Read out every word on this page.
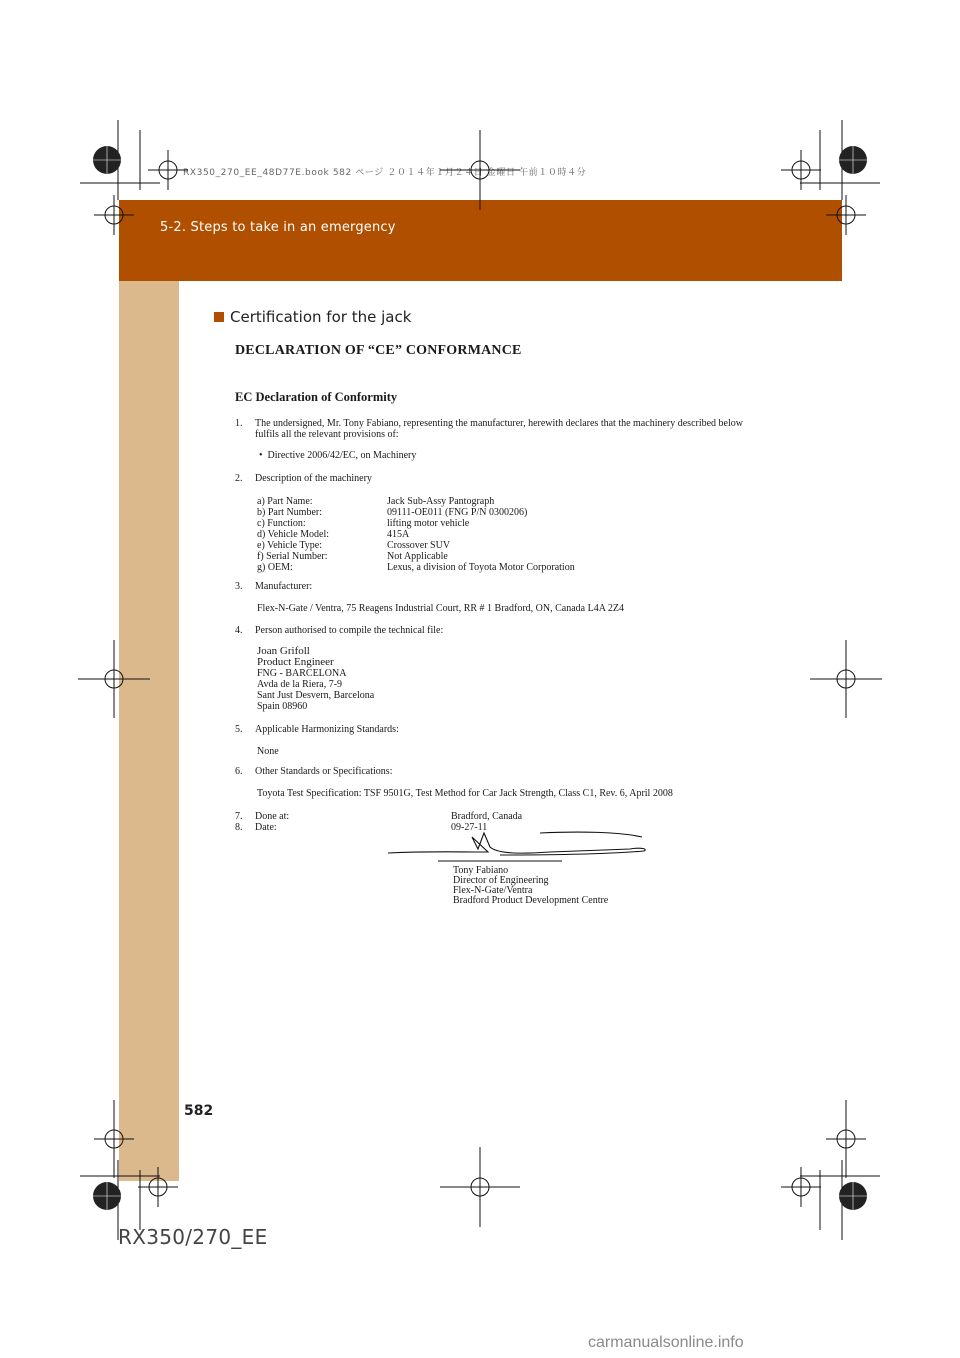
5-2. Steps to take in an emergency
RX350_270_EE_48D77E.book 582 ページ ２０１４年１月２４日 金曜日 午前１０時４分
Certification for the jack
DECLARATION OF “CE” CONFORMANCE
EC Declaration of Conformity
1.	The undersigned, Mr. Tony Fabiano, representing the manufacturer, herewith declares that the machinery described below fulfils all the relevant provisions of:
•  Directive 2006/42/EC, on Machinery
2.	Description of the machinery
a) Part Name:	Jack Sub-Assy Pantograph
b) Part Number:	09111-OE011 (FNG P/N 0300206)
c) Function:	lifting motor vehicle
d) Vehicle Model:	415A
e) Vehicle Type:	Crossover SUV
f) Serial Number:	Not Applicable
g) OEM:	Lexus, a division of Toyota Motor Corporation
3.	Manufacturer:
Flex-N-Gate / Ventra, 75 Reagens Industrial Court, RR # 1 Bradford, ON, Canada L4A 2Z4
4.	Person authorised to compile the technical file:
Joan Grifoll
Product Engineer
FNG - BARCELONA
Avda de la Riera, 7-9
Sant Just Desvern, Barcelona
Spain 08960
5.	Applicable Harmonizing Standards:
None
6.	Other Standards or Specifications:
Toyota Test Specification: TSF 9501G, Test Method for Car Jack Strength, Class C1, Rev. 6, April 2008
7.	Done at:	Bradford, Canada
8.	Date:	09-27-11
Tony Fabiano
Director of Engineering
Flex-N-Gate/Ventra
Bradford Product Development Centre
582
RX350/270_EE
carmanualsonline.info
